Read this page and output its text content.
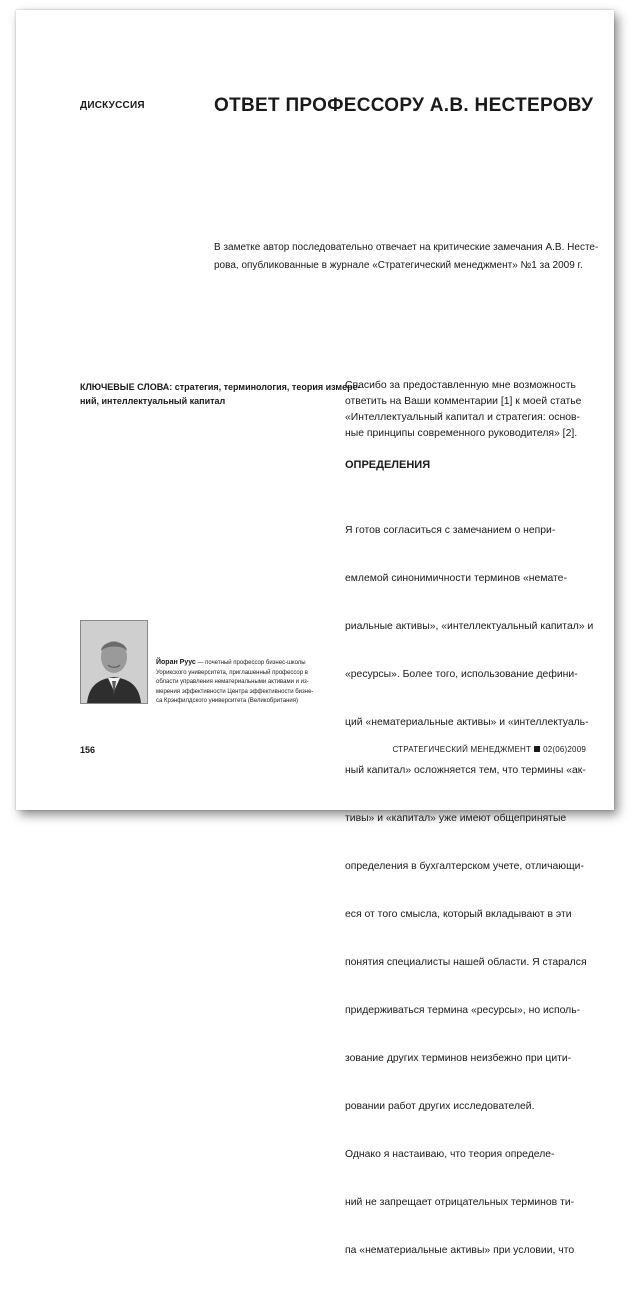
ДИСКУССИЯ	ОТВЕТ ПРОФЕССОРУ А.В. НЕСТЕРОВУ
В заметке автор последовательно отвечает на критические замечания А.В. Несте-
рова, опубликованные в журнале «Стратегический менеджмент» №1 за 2009 г.
КЛЮЧЕВЫЕ СЛОВА: стратегия, терминология, теория измере-
ний, интеллектуальный капитал
Спасибо за предоставленную мне возможность
ответить на Ваши комментарии [1] к моей статье
«Интеллектуальный капитал и стратегия: основ-
ные принципы современного руководителя» [2].
ОПРЕДЕЛЕНИЯ

Я готов согласиться с замечанием о непри-

емлемой синонимичности терминов «немате-

риальные активы», «интеллектуальный капитал» и

«ресурсы». Более того, использование дефини-

ций «нематериальные активы» и «интеллектуаль-

ный капитал» осложняется тем, что термины «ак-

тивы» и «капитал» уже имеют общепринятые

определения в бухгалтерском учете, отличающи-

еся от того смысла, который вкладывают в эти

понятия специалисты нашей области. Я старался

придерживаться термина «ресурсы», но исполь-

зование других терминов неизбежно при цити-

ровании работ других исследователей.

Однако я настаиваю, что теория определе-

ний не запрещает отрицательных терминов ти-

па «нематериальные активы» при условии, что

Йоран Руус — почетный профессор бизнес-школы
Уорикского университета, приглашенный профессор в
области управления нематериальными активами и из-
мерения эффективности Центра эффективности бизне-
са Крэнфилдского университета (Великобритания)
156	СТРАТЕГИЧЕСКИЙ МЕНЕДЖМЕНТ 02(06)2009
